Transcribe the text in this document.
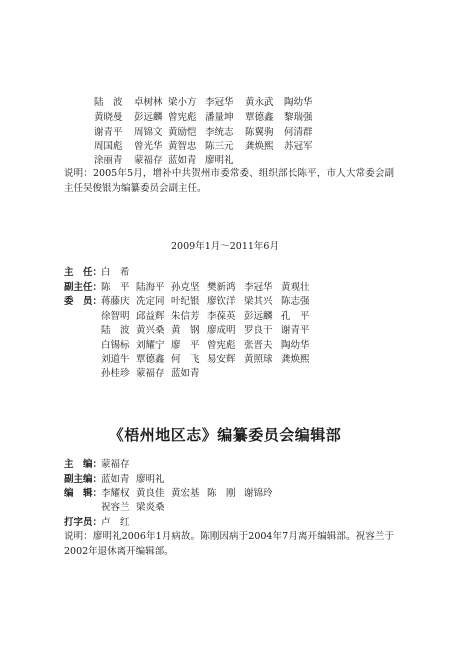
陆　波 卓树林 梁小方 李冠华 黄永武 陶幼华
黄晓曼 彭远麟 曾宪彪 潘量坤 覃德鑫 黎瑞强
谢青平 周锦文 黄励恺 李统志 陈翼驹 何清群
周国彪 曾光华 黄智忠 陈三元 龚焕熙 苏冠军
涂丽青 蒙福存 蓝如青 廖明礼
说明：2005年5月，增补中共贺州市委常委、组织部长陈平，市人大常委会副主任吴俊银为编纂委员会副主任。
2009年1月～2011年6月
主　任：
白　希
副主任：
陈　平 陆海平 孙克坚 樊新鸿 李冠华 黄观壮
委　员：
蒋藤庆 冼定同 叶纪银 廖钦洋 梁其兴 陈志强
徐智明 邱益辉 朱信芳 李葆英 彭远麟 孔　平
陆　波 黄兴桑 黄　钢 廖成明 罗良干 谢青平
白锡标 刘耀宁 廖　平 曾宪彪 张晋夫 陶幼华
刘道牛 覃德鑫 何　飞 易安辉 黄照球 龚焕熙
孙桂珍 蒙福存 蓝如青
《梧州地区志》编纂委员会编辑部
主　编：
蒙福存
副主编：
蓝如青 廖明礼
编　辑：
李耀权 黄良佳 黄宏基 陈　刚 谢锦玲
祝容兰 梁炎桑
打字员：
卢　红
说明：廖明礼2006年1月病故。陈刚因病于2004年7月离开编辑部。祝容兰于2002年退休离开编辑部。
